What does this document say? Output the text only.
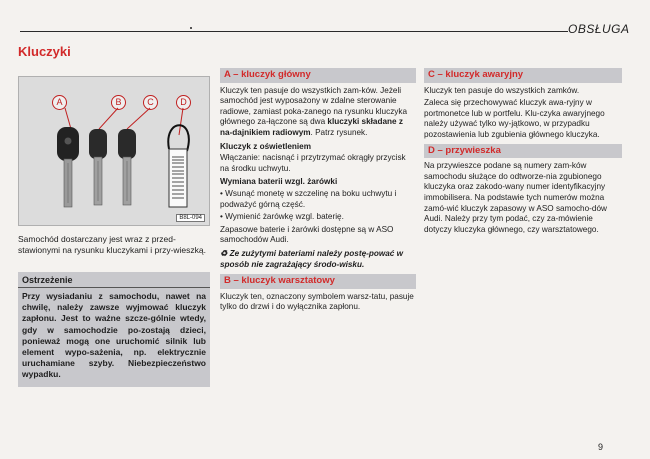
OBSŁUGA
Kluczyki
A	B	C	D
B8L-094
Samochód dostarczany jest wraz z przed-stawionymi na rysunku kluczykami i przy-wieszką.
Ostrzeżenie
Przy wysiadaniu z samochodu, nawet na chwilę, należy zawsze wyjmować kluczyk zapłonu. Jest to ważne szcze-gólnie wtedy, gdy w samochodzie po-zostają dzieci, ponieważ mogą one uruchomić silnik lub element wypo-sażenia, np. elektrycznie uruchamiane szyby. Niebezpieczeństwo wypadku.
A – kluczyk główny

Kluczyk ten pasuje do wszystkich zam-ków. Jeżeli samochód jest wyposażony w zdalne sterowanie radiowe, zamiast poka-zanego na rysunku kluczyka głównego za-łączone są dwa kluczyki składane z na-dajnikiem radiowym. Patrz rysunek.

Kluczyk z oświetleniem

Włączanie: nacisnąć i przytrzymać okrągły przycisk na środku uchwytu.

Wymiana baterii wzgl. żarówki

• Wsunąć monetę w szczelinę na boku uchwytu i podważyć górną część.

• Wymienić żarówkę wzgl. baterię.

Zapasowe baterie i żarówki dostępne są w ASO samochodów Audi.

♻ Ze zużytymi bateriami należy postę-pować w sposób nie zagrażający środo-wisku.
B – kluczyk warsztatowy

Kluczyk ten, oznaczony symbolem warsz-tatu, pasuje tylko do drzwi i do wyłącznika zapłonu.

C – kluczyk awaryjny

Kluczyk ten pasuje do wszystkich zamków.

Zaleca się przechowywać kluczyk awa-ryjny w portmonetce lub w portfelu. Klu-czyka awaryjnego należy używać tylko wy-jątkowo, w przypadku pozostawienia lub zgubienia głównego kluczyka.

D – przywieszka

Na przywieszce podane są numery zam-ków samochodu służące do odtworze-nia zgubionego kluczyka oraz zakodo-wany numer identyfikacyjny immobilisera. Na podstawie tych numerów można zamó-wić kluczyk zapasowy w ASO samocho-dów Audi. Należy przy tym podać, czy za-mówienie dotyczy kluczyka głównego, czy warsztatowego.

9
